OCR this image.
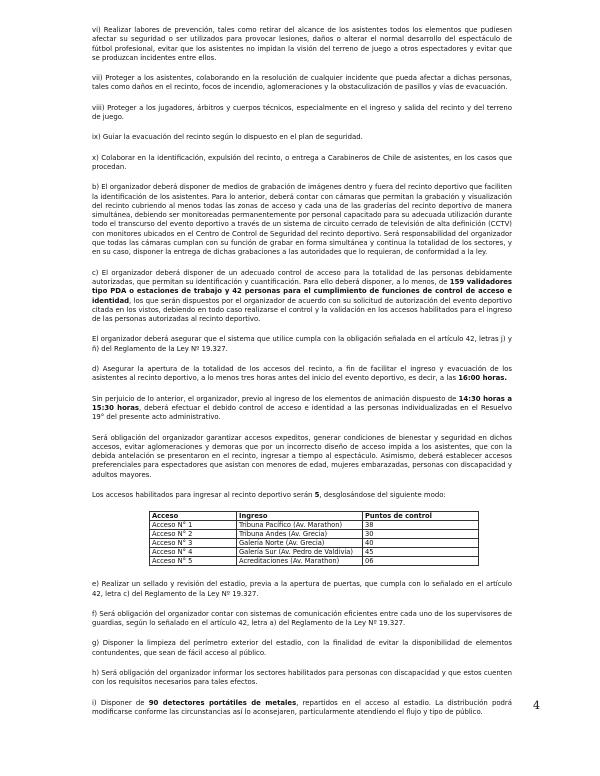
vi) Realizar labores de prevención, tales como retirar del alcance de los asistentes todos los elementos que pudiesen afectar su seguridad o ser utilizados para provocar lesiones, daños o alterar el normal desarrollo del espectáculo de fútbol profesional, evitar que los asistentes no impidan la visión del terreno de juego a otros espectadores y evitar que se produzcan incidentes entre ellos.

vii) Proteger a los asistentes, colaborando en la resolución de cualquier incidente que pueda afectar a dichas personas, tales como daños en el recinto, focos de incendio, aglomeraciones y la obstaculización de pasillos y vías de evacuación.

viii) Proteger a los jugadores, árbitros y cuerpos técnicos, especialmente en el ingreso y salida del recinto y del terreno de juego.

ix) Guiar la evacuación del recinto según lo dispuesto en el plan de seguridad.

x) Colaborar en la identificación, expulsión del recinto, o entrega a Carabineros de Chile de asistentes, en los casos que procedan.

b) El organizador deberá disponer de medios de grabación de imágenes dentro y fuera del recinto deportivo que faciliten la identificación de los asistentes. Para lo anterior, deberá contar con cámaras que permitan la grabación y visualización del recinto cubriendo al menos todas las zonas de acceso y cada una de las graderías del recinto deportivo de manera simultánea, debiendo ser monitoreadas permanentemente por personal capacitado para su adecuada utilización durante todo el transcurso del evento deportivo a través de un sistema de circuito cerrado de televisión de alta definición (CCTV) con monitores ubicados en el Centro de Control de Seguridad del recinto deportivo. Será responsabilidad del organizador que todas las cámaras cumplan con su función de grabar en forma simultánea y continua la totalidad de los sectores, y en su caso, disponer la entrega de dichas grabaciones a las autoridades que lo requieran, de conformidad a la ley.

c) El organizador deberá disponer de un adecuado control de acceso para la totalidad de las personas debidamente autorizadas, que permitan su identificación y cuantificación. Para ello deberá disponer, a lo menos, de 159 validadores tipo PDA o estaciones de trabajo y 42 personas para el cumplimiento de funciones de control de acceso e identidad, los que serán dispuestos por el organizador de acuerdo con su solicitud de autorización del evento deportivo citada en los vistos, debiendo en todo caso realizarse el control y la validación en los accesos habilitados para el ingreso de las personas autorizadas al recinto deportivo.

El organizador deberá asegurar que el sistema que utilice cumpla con la obligación señalada en el artículo 42, letras j) y ñ) del Reglamento de la Ley Nº 19.327.

d) Asegurar la apertura de la totalidad de los accesos del recinto, a fin de facilitar el ingreso y evacuación de los asistentes al recinto deportivo, a lo menos tres horas antes del inicio del evento deportivo, es decir, a las 16:00 horas.

Sin perjuicio de lo anterior, el organizador, previo al ingreso de los elementos de animación dispuesto de 14:30 horas a 15:30 horas, deberá efectuar el debido control de acceso e identidad a las personas individualizadas en el Resuelvo 19° del presente acto administrativo.

Será obligación del organizador garantizar accesos expeditos, generar condiciones de bienestar y seguridad en dichos accesos, evitar aglomeraciones y demoras que por un incorrecto diseño de acceso impida a los asistentes, que con la debida antelación se presentaron en el recinto, ingresar a tiempo al espectáculo. Asimismo, deberá establecer accesos preferenciales para espectadores que asistan con menores de edad, mujeres embarazadas, personas con discapacidad y adultos mayores.

Los accesos habilitados para ingresar al recinto deportivo serán 5, desglosándose del siguiente modo:

Acceso	Ingreso	Puntos de control
Acceso N° 1	Tribuna Pacífico (Av. Marathon)	38
Acceso N° 2	Tribuna Andes (Av. Grecia)	30
Acceso N° 3	Galería Norte (Av. Grecia)	40
Acceso N° 4	Galería Sur (Av. Pedro de Valdivia)	45
Acceso N° 5	Acreditaciones (Av. Marathon)	06

e) Realizar un sellado y revisión del estadio, previa a la apertura de puertas, que cumpla con lo señalado en el artículo 42, letra c) del Reglamento de la Ley Nº 19.327.

f) Será obligación del organizador contar con sistemas de comunicación eficientes entre cada uno de los supervisores de guardias, según lo señalado en el artículo 42, letra a) del Reglamento de la Ley Nº 19.327.

g) Disponer la limpieza del perímetro exterior del estadio, con la finalidad de evitar la disponibilidad de elementos contundentes, que sean de fácil acceso al público.

h) Será obligación del organizador informar los sectores habilitados para personas con discapacidad y que estos cuenten con los requisitos necesarios para tales efectos.

i) Disponer de 90 detectores portátiles de metales, repartidos en el acceso al estadio. La distribución podrá modificarse conforme las circunstancias así lo aconsejaren, particularmente atendiendo el flujo y tipo de público.	4
